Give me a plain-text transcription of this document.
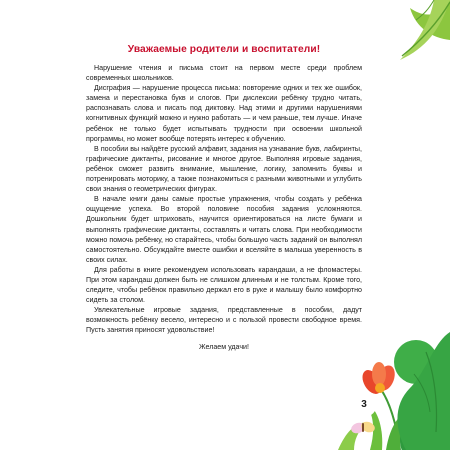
3
Уважаемые родители и воспитатели!

Нарушение чтения и письма стоит на первом месте среди проблем современных школьников.

Дисграфия — нарушение процесса письма: повторение одних и тех же ошибок, замена и перестановка букв и слогов. При дислексии ребёнку трудно читать, распознавать слова и писать под диктовку. Над этими и другими нарушениями когнитивных функций можно и нужно работать — и чем раньше, тем лучше. Иначе ребёнок не только будет испытывать трудности при освоении школьной программы, но может вообще потерять интерес к обучению.

В пособии вы найдёте русский алфавит, задания на узнавание букв, лабиринты, графические диктанты, рисование и многое другое. Выполняя игровые задания, ребёнок сможет развить внимание, мышление, логику, запомнить буквы и потренировать моторику, а также познакомиться с разными животными и углубить свои знания о геометрических фигурах.

В начале книги даны самые простые упражнения, чтобы создать у ребёнка ощущение успеха. Во второй половине пособия задания усложняются. Дошкольник будет штриховать, научится ориентироваться на листе бумаги и выполнять графические диктанты, составлять и читать слова. При необходимости можно помочь ребёнку, но старайтесь, чтобы большую часть заданий он выполнял самостоятельно. Обсуждайте вместе ошибки и вселяйте в малыша уверенность в своих силах.

Для работы в книге рекомендуем использовать карандаши, а не фломастеры. При этом карандаш должен быть не слишком длинным и не толстым. Кроме того, следите, чтобы ребёнок правильно держал его в руке и малышу было комфортно сидеть за столом.

Увлекательные игровые задания, представленные в пособии, дадут возможность ребёнку весело, интересно и с пользой провести свободное время. Пусть занятия приносят удовольствие!

Желаем удачи!
